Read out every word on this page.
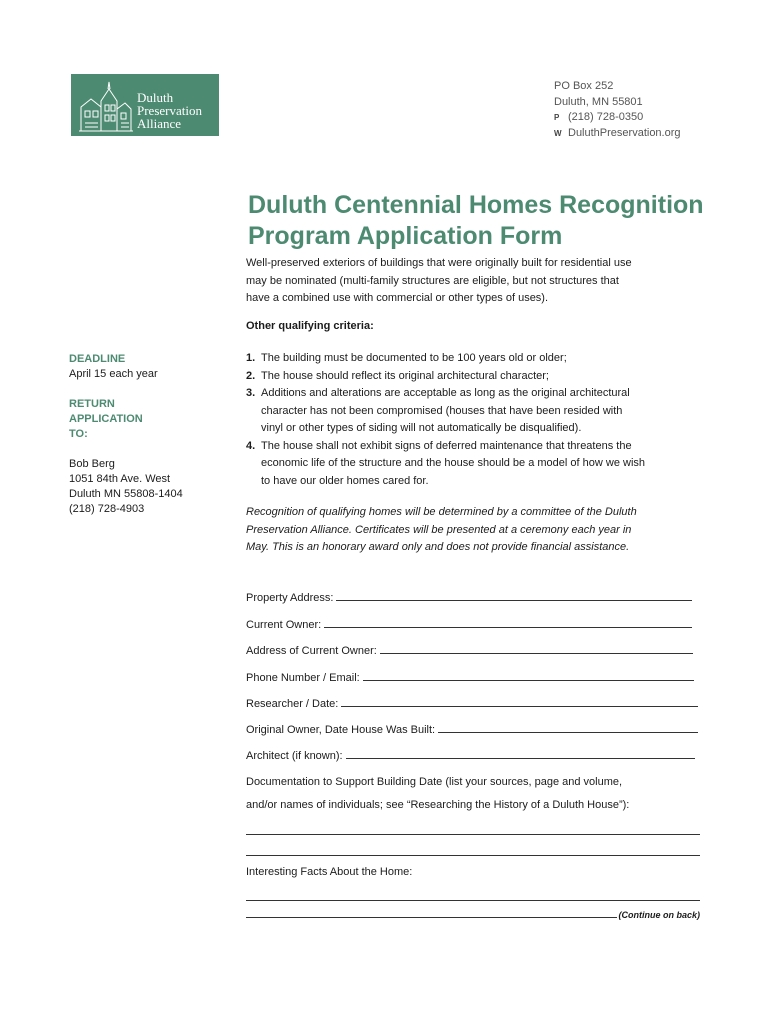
Duluth
Preservation
Alliance
PO Box 252
Duluth, MN 55801
P (218) 728-0350
W DuluthPreservation.org
Duluth Centennial Homes Recognition
Program Application Form
Well-preserved exteriors of buildings that were originally built for residential use
may be nominated (multi-family structures are eligible, but not structures that
have a combined use with commercial or other types of uses).
Other qualifying criteria:
DEADLINE
April 15 each year
RETURN
APPLICATION
TO:
Bob Berg
1051 84th Ave. West
Duluth MN 55808-1404
(218) 728-4903
1. The building must be documented to be 100 years old or older;
2. The house should reflect its original architectural character;
3. Additions and alterations are acceptable as long as the original architectural
character has not been compromised (houses that have been resided with
vinyl or other types of siding will not automatically be disqualified).
4. The house shall not exhibit signs of deferred maintenance that threatens the
economic life of the structure and the house should be a model of how we wish
to have our older homes cared for.
Recognition of qualifying homes will be determined by a committee of the Duluth
Preservation Alliance. Certificates will be presented at a ceremony each year in
May. This is an honorary award only and does not provide financial assistance.
Property Address:
Current Owner:
Address of Current Owner:
Phone Number / Email:
Researcher / Date:
Original Owner, Date House Was Built:
Architect (if known):
Documentation to Support Building Date (list your sources, page and volume,
and/or names of individuals; see “Researching the History of a Duluth House”):
Interesting Facts About the Home:
(Continue on back)
